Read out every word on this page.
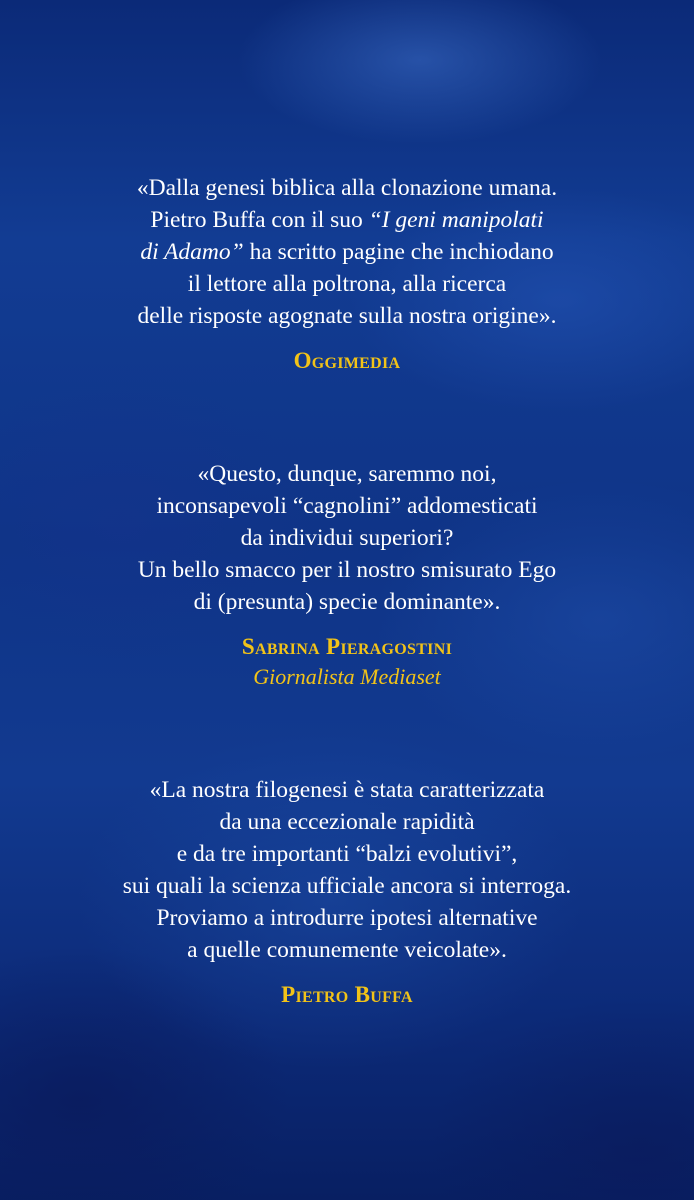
«Dalla genesi biblica alla clonazione umana.
Pietro Buffa con il suo “I geni manipolati
di Adamo” ha scritto pagine che inchiodano
il lettore alla poltrona, alla ricerca
delle risposte agognate sulla nostra origine».
Oggimedia
«Questo, dunque, saremmo noi,
inconsapevoli “cagnolini” addomesticati
da individui superiori?
Un bello smacco per il nostro smisurato Ego
di (presunta) specie dominante».
Sabrina Pieragostini
Giornalista Mediaset
«La nostra filogenesi è stata caratterizzata
da una eccezionale rapidità
e da tre importanti “balzi evolutivi”,
sui quali la scienza ufficiale ancora si interroga.
Proviamo a introdurre ipotesi alternative
a quelle comunemente veicolate».
Pietro Buffa
